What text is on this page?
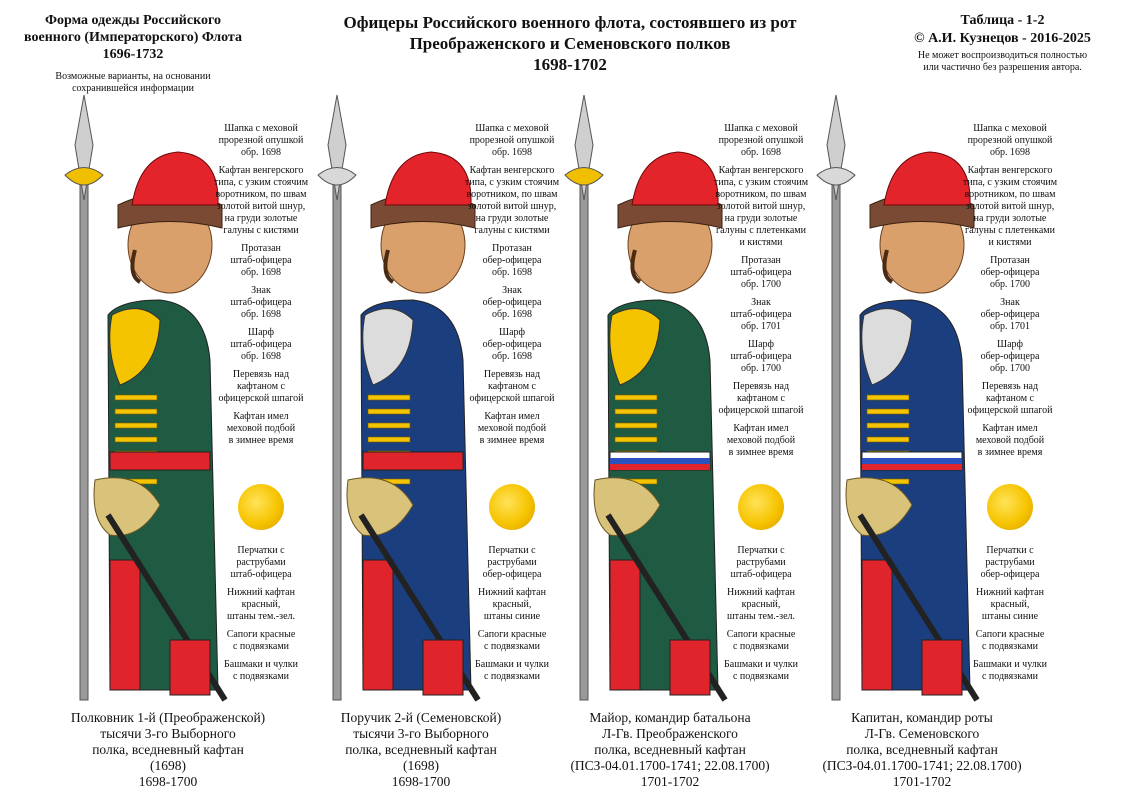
Форма одежды Российского
военного (Императорского) Флота
1696-1732
Возможные варианты, на основании
сохранившейся информации
Офицеры Российского военного флота, состоявшего из рот
Преображенского и Семеновского полков
1698-1702
Таблица - 1-2
© А.И. Кузнецов - 2016-2025
Не может воспроизводиться полностью
или частично без разрешения автора.
Шапка с меховой
прорезной опушкой
обр. 1698
Кафтан венгерского
типа, с узким стоячим
воротником, по швам
золотой витой шнур,
на груди золотые
галуны с кистями
Протазан
штаб-офицера
обр. 1698
Знак
штаб-офицера
обр. 1698
Шарф
штаб-офицера
обр. 1698
Перевязь над
кафтаном с
офицерской шпагой
Кафтан имел
меховой подбой
в зимнее время
Перчатки с
раструбами
штаб-офицера
Нижний кафтан
красный,
штаны тем.-зел.
Сапоги красные
с подвязками
Башмаки и чулки
с подвязками
Полковник 1-й (Преображенской)
тысячи 3-го Выборного
полка, вседневный кафтан
(1698)
1698-1700
Шапка с меховой
прорезной опушкой
обр. 1698
Кафтан венгерского
типа, с узким стоячим
воротником, по швам
золотой витой шнур,
на груди золотые
галуны с кистями
Протазан
обер-офицера
обр. 1698
Знак
обер-офицера
обр. 1698
Шарф
обер-офицера
обр. 1698
Перевязь над
кафтаном с
офицерской шпагой
Кафтан имел
меховой подбой
в зимнее время
Перчатки с
раструбами
обер-офицера
Нижний кафтан
красный,
штаны синие
Сапоги красные
с подвязками
Башмаки и чулки
с подвязками
Поручик 2-й (Семеновской)
тысячи 3-го Выборного
полка, вседневный кафтан
(1698)
1698-1700
Шапка с меховой
прорезной опушкой
обр. 1698
Кафтан венгерского
типа, с узким стоячим
воротником, по швам
золотой витой шнур,
на груди золотые
галуны с плетенками
и кистями
Протазан
штаб-офицера
обр. 1700
Знак
штаб-офицера
обр. 1701
Шарф
штаб-офицера
обр. 1700
Перевязь над
кафтаном с
офицерской шпагой
Кафтан имел
меховой подбой
в зимнее время
Перчатки с
раструбами
штаб-офицера
Нижний кафтан
красный,
штаны тем.-зел.
Сапоги красные
с подвязками
Башмаки и чулки
с подвязками
Майор, командир батальона
Л-Гв. Преображенского
полка, вседневный кафтан
(ПСЗ-04.01.1700-1741; 22.08.1700)
1701-1702
Шапка с меховой
прорезной опушкой
обр. 1698
Кафтан венгерского
типа, с узким стоячим
воротником, по швам
золотой витой шнур,
на груди золотые
галуны с плетенками
и кистями
Протазан
обер-офицера
обр. 1700
Знак
обер-офицера
обр. 1701
Шарф
обер-офицера
обр. 1700
Перевязь над
кафтаном с
офицерской шпагой
Кафтан имел
меховой подбой
в зимнее время
Перчатки с
раструбами
обер-офицера
Нижний кафтан
красный,
штаны синие
Сапоги красные
с подвязками
Башмаки и чулки
с подвязками
Капитан, командир роты
Л-Гв. Семеновского
полка, вседневный кафтан
(ПСЗ-04.01.1700-1741; 22.08.1700)
1701-1702
